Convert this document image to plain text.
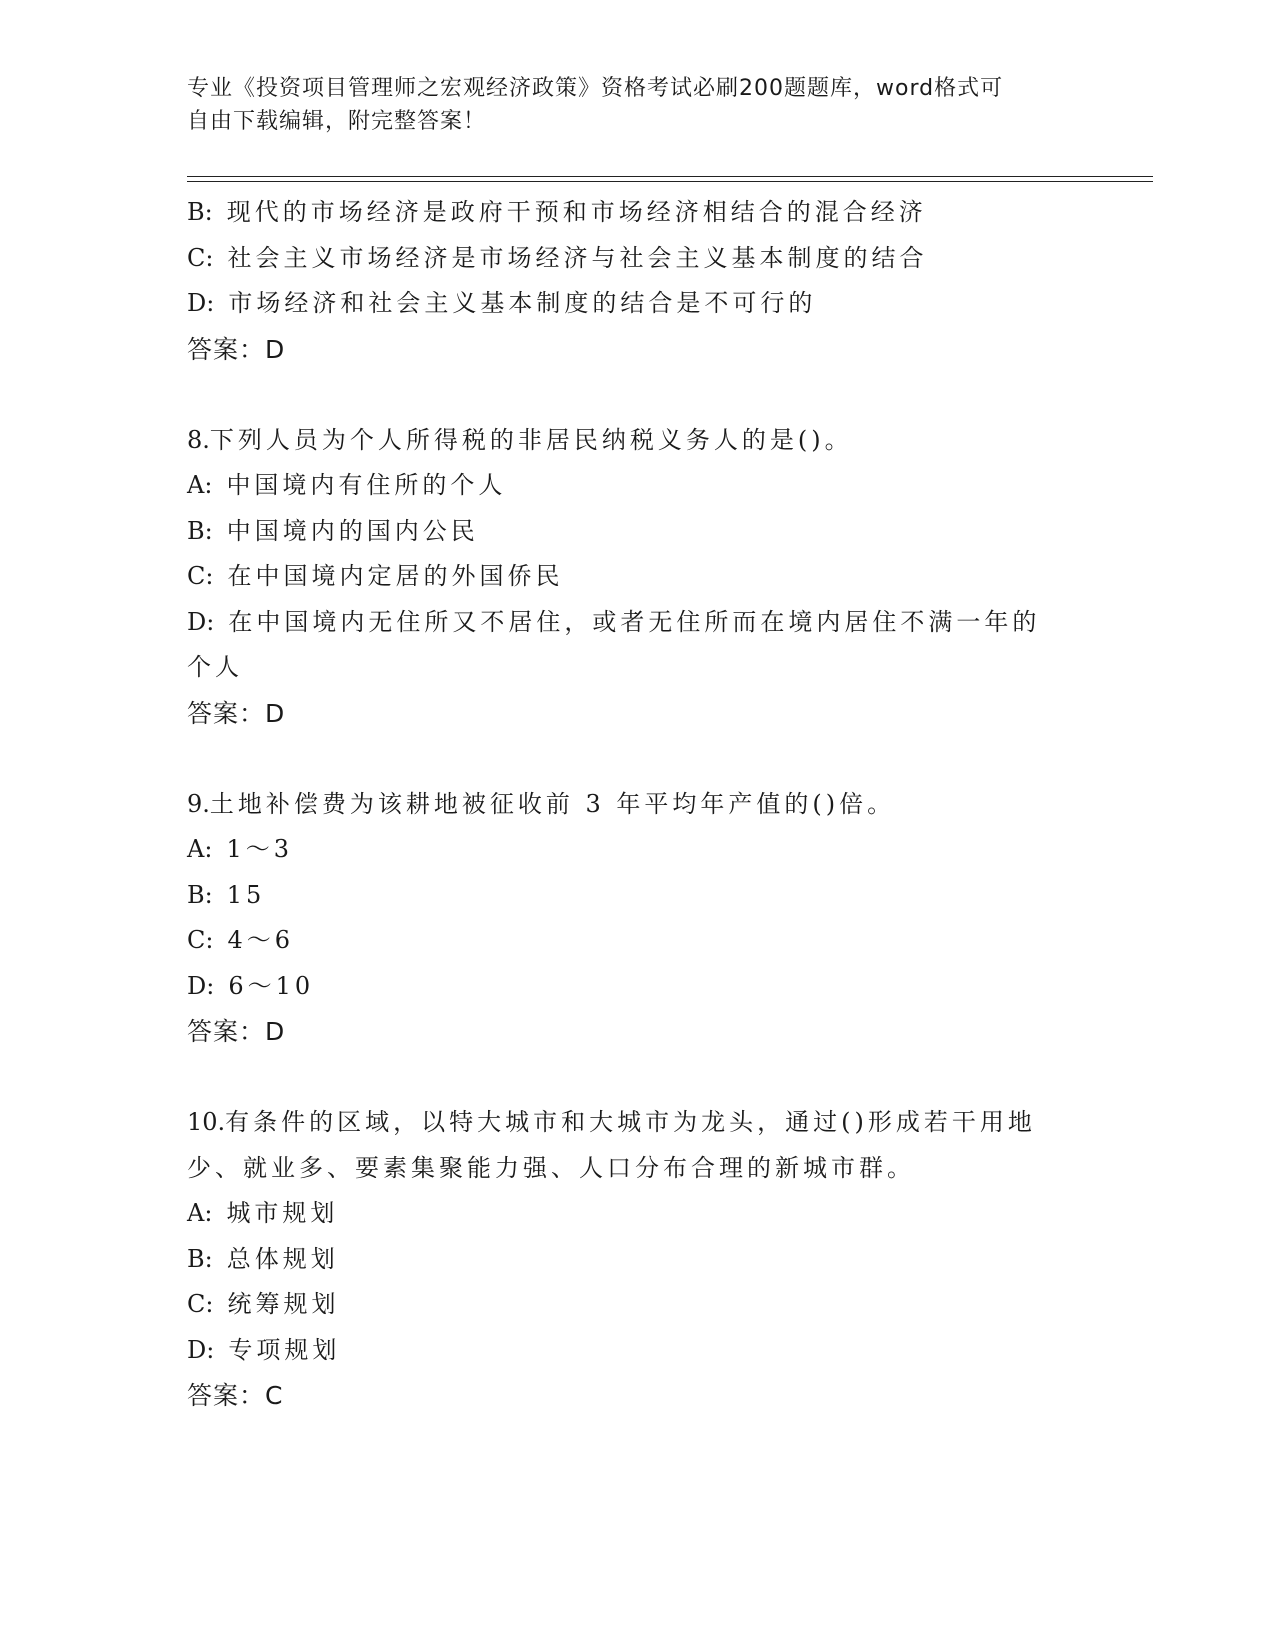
专业《投资项目管理师之宏观经济政策》资格考试必刷200题题库，word格式可
自由下载编辑，附完整答案！
B : 现代的市场经济是政府干预和市场经济相结合的混合经济
C : 社会主义市场经济是市场经济与社会主义基本制度的结合
D : 市场经济和社会主义基本制度的结合是不可行的
答案：D
8.下列人员为个人所得税的非居民纳税义务人的是()。
A : 中国境内有住所的个人
B : 中国境内的国内公民
C : 在中国境内定居的外国侨民
D : 在中国境内无住所又不居住，或者无住所而在境内居住不满一年的
个人
答案：D
9.土地补偿费为该耕地被征收前 3 年平均年产值的()倍。
A : 1～3
B : 15
C : 4～6
D : 6～10
答案：D
10.有条件的区域，以特大城市和大城市为龙头，通过()形成若干用地
少、就业多、要素集聚能力强、人口分布合理的新城市群。
A : 城市规划
B : 总体规划
C : 统筹规划
D : 专项规划
答案：C
